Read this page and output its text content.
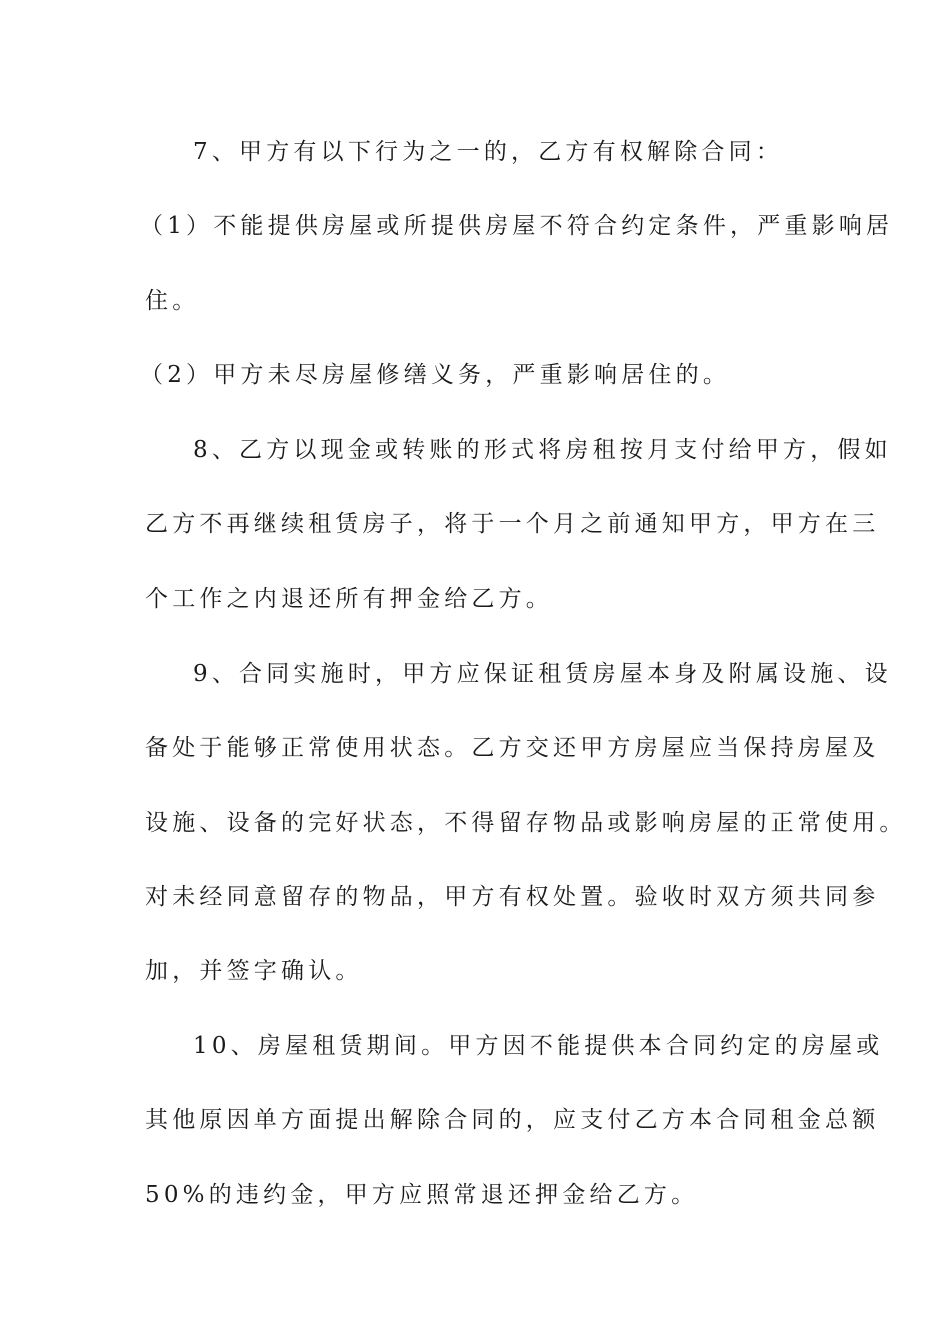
7、甲方有以下行为之一的，乙方有权解除合同：
（1）不能提供房屋或所提供房屋不符合约定条件，严重影响居
住。
（2）甲方未尽房屋修缮义务，严重影响居住的。
8、乙方以现金或转账的形式将房租按月支付给甲方，假如
乙方不再继续租赁房子，将于一个月之前通知甲方，甲方在三
个工作之内退还所有押金给乙方。
9、合同实施时，甲方应保证租赁房屋本身及附属设施、设
备处于能够正常使用状态。乙方交还甲方房屋应当保持房屋及
设施、设备的完好状态，不得留存物品或影响房屋的正常使用。
对未经同意留存的物品，甲方有权处置。验收时双方须共同参
加，并签字确认。
10、房屋租赁期间。甲方因不能提供本合同约定的房屋或
其他原因单方面提出解除合同的，应支付乙方本合同租金总额
50%的违约金，甲方应照常退还押金给乙方。
